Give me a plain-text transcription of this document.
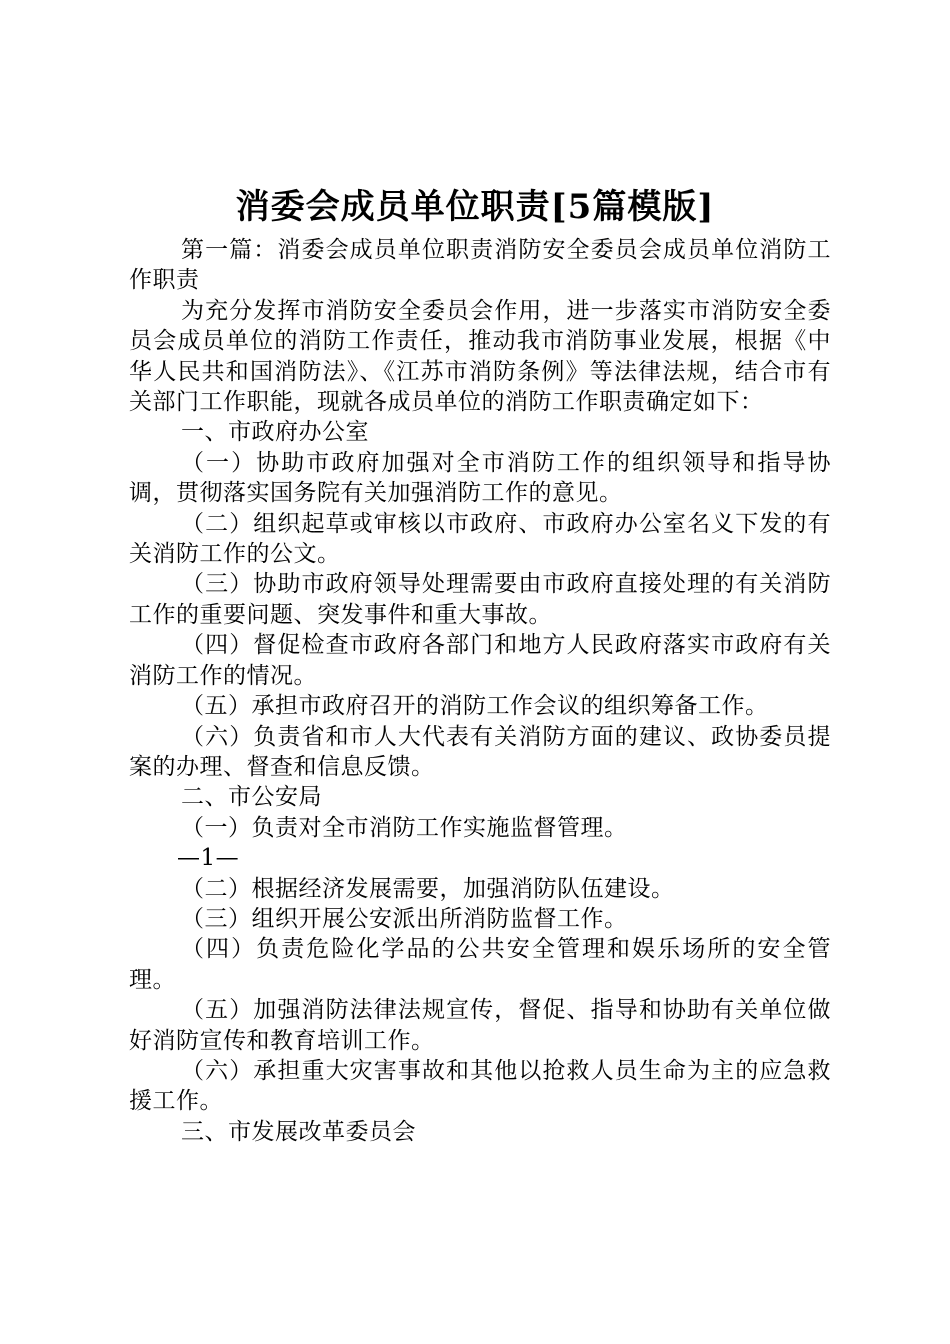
消委会成员单位职责[5篇模版]

第一篇：消委会成员单位职责消防安全委员会成员单位消防工作职责

为充分发挥市消防安全委员会作用，进一步落实市消防安全委员会成员单位的消防工作责任，推动我市消防事业发展，根据《中华人民共和国消防法》、《江苏市消防条例》等法律法规，结合市有关部门工作职能，现就各成员单位的消防工作职责确定如下：

一、市政府办公室

（一）协助市政府加强对全市消防工作的组织领导和指导协调，贯彻落实国务院有关加强消防工作的意见。

（二）组织起草或审核以市政府、市政府办公室名义下发的有关消防工作的公文。

（三）协助市政府领导处理需要由市政府直接处理的有关消防工作的重要问题、突发事件和重大事故。

（四）督促检查市政府各部门和地方人民政府落实市政府有关消防工作的情况。

（五）承担市政府召开的消防工作会议的组织筹备工作。

（六）负责省和市人大代表有关消防方面的建议、政协委员提案的办理、督查和信息反馈。

二、市公安局

（一）负责对全市消防工作实施监督管理。

—1—

（二）根据经济发展需要，加强消防队伍建设。

（三）组织开展公安派出所消防监督工作。

（四）负责危险化学品的公共安全管理和娱乐场所的安全管理。

（五）加强消防法律法规宣传，督促、指导和协助有关单位做好消防宣传和教育培训工作。

（六）承担重大灾害事故和其他以抢救人员生命为主的应急救援工作。

三、市发展改革委员会
